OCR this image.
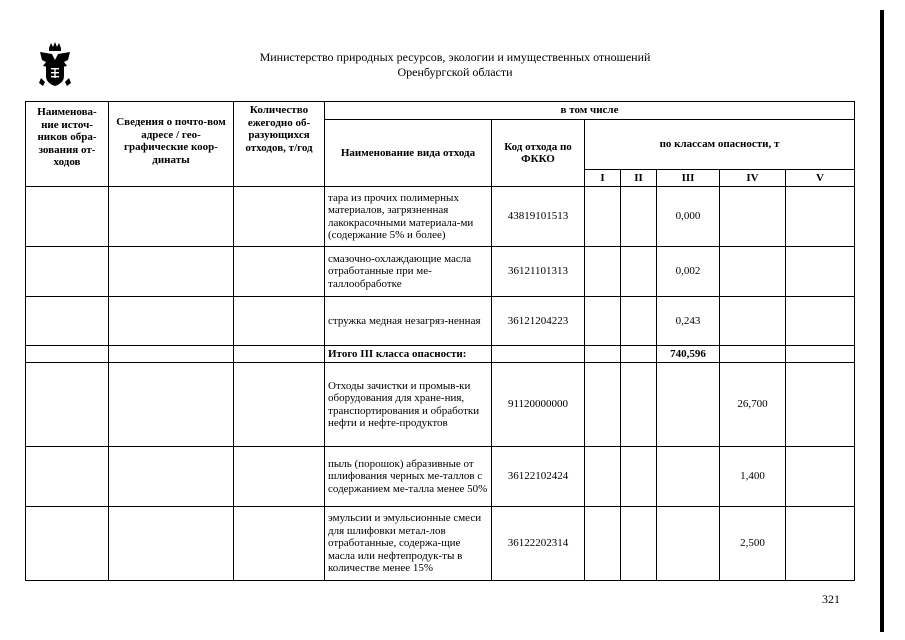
Министерство природных ресурсов, экологии и имущественных отношений
Оренбургской области
Наименова-ние источ-ников обра-зования от-ходов	Сведения о почто-вом адресе / гео-графические коор-динаты	Количество ежегодно об-разующихся отходов, т/год	в том числе						
			Наименование вида отхода	Код отхода по ФККО	по классам опасности, т				
					I	II	III	IV	V
			тара из прочих полимерных материалов, загрязненная лакокрасочными материала-ми (содержание 5% и более)	43819101513			0,000		
			смазочно-охлаждающие масла отработанные при ме-таллообработке	36121101313			0,002		
			стружка медная незагряз-ненная	36121204223			0,243		
			Итого III класса опасности:				740,596		
			Отходы зачистки и промыв-ки оборудования для хране-ния, транспортирования и обработки нефти и нефте-продуктов	91120000000				26,700	
			пыль (порошок) абразивные от шлифования черных ме-таллов с содержанием ме-талла менее 50%	36122102424				1,400	
			эмульсии и эмульсионные смеси для шлифовки метал-лов отработанные, содержа-щие масла или нефтепродук-ты в количестве менее 15%	36122202314				2,500	
321
